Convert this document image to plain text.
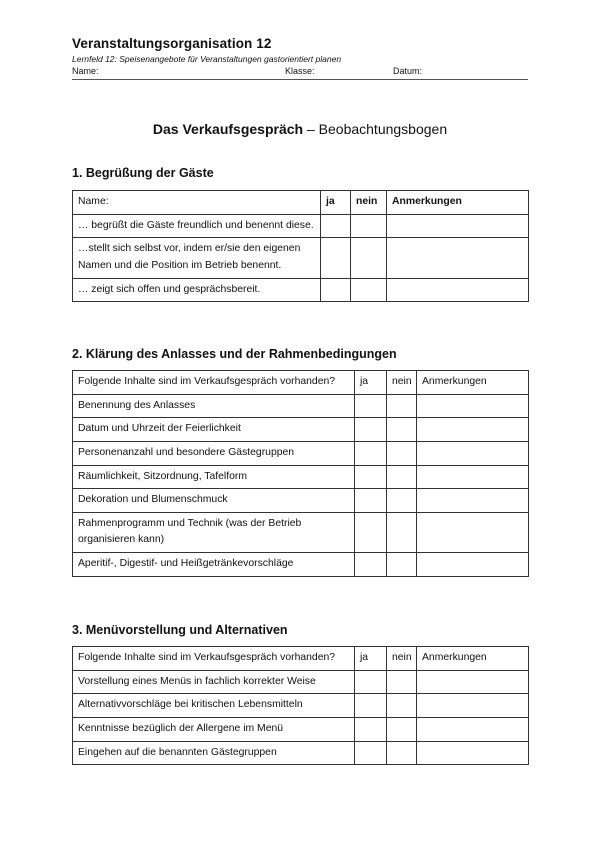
Veranstaltungsorganisation 12
Lernfeld 12: Speisenangebote für Veranstaltungen gastorientiert planen
Name:	Klasse:	Datum:
Das Verkaufsgespräch – Beobachtungsbogen
1. Begrüßung der Gäste
Name:	ja	nein	Anmerkungen
… begrüßt die Gäste freundlich und benennt diese.			
…stellt sich selbst vor, indem er/sie den eigenen Namen und die Position im Betrieb benennt.			
… zeigt sich offen und gesprächsbereit.			
2. Klärung des Anlasses und der Rahmenbedingungen
Folgende Inhalte sind im Verkaufsgespräch vorhanden?	ja	nein	Anmerkungen
Benennung des Anlasses			
Datum und Uhrzeit der Feierlichkeit			
Personenanzahl und besondere Gästegruppen			
Räumlichkeit, Sitzordnung, Tafelform			
Dekoration und Blumenschmuck			
Rahmenprogramm und Technik (was der Betrieb organisieren kann)			
Aperitif-, Digestif- und Heißgetränkevorschläge			
3. Menüvorstellung und Alternativen
Folgende Inhalte sind im Verkaufsgespräch vorhanden?	ja	nein	Anmerkungen
Vorstellung eines Menüs in fachlich korrekter Weise			
Alternativvorschläge bei kritischen Lebensmitteln			
Kenntnisse bezüglich der Allergene im Menü			
Eingehen auf die benannten Gästegruppen			
